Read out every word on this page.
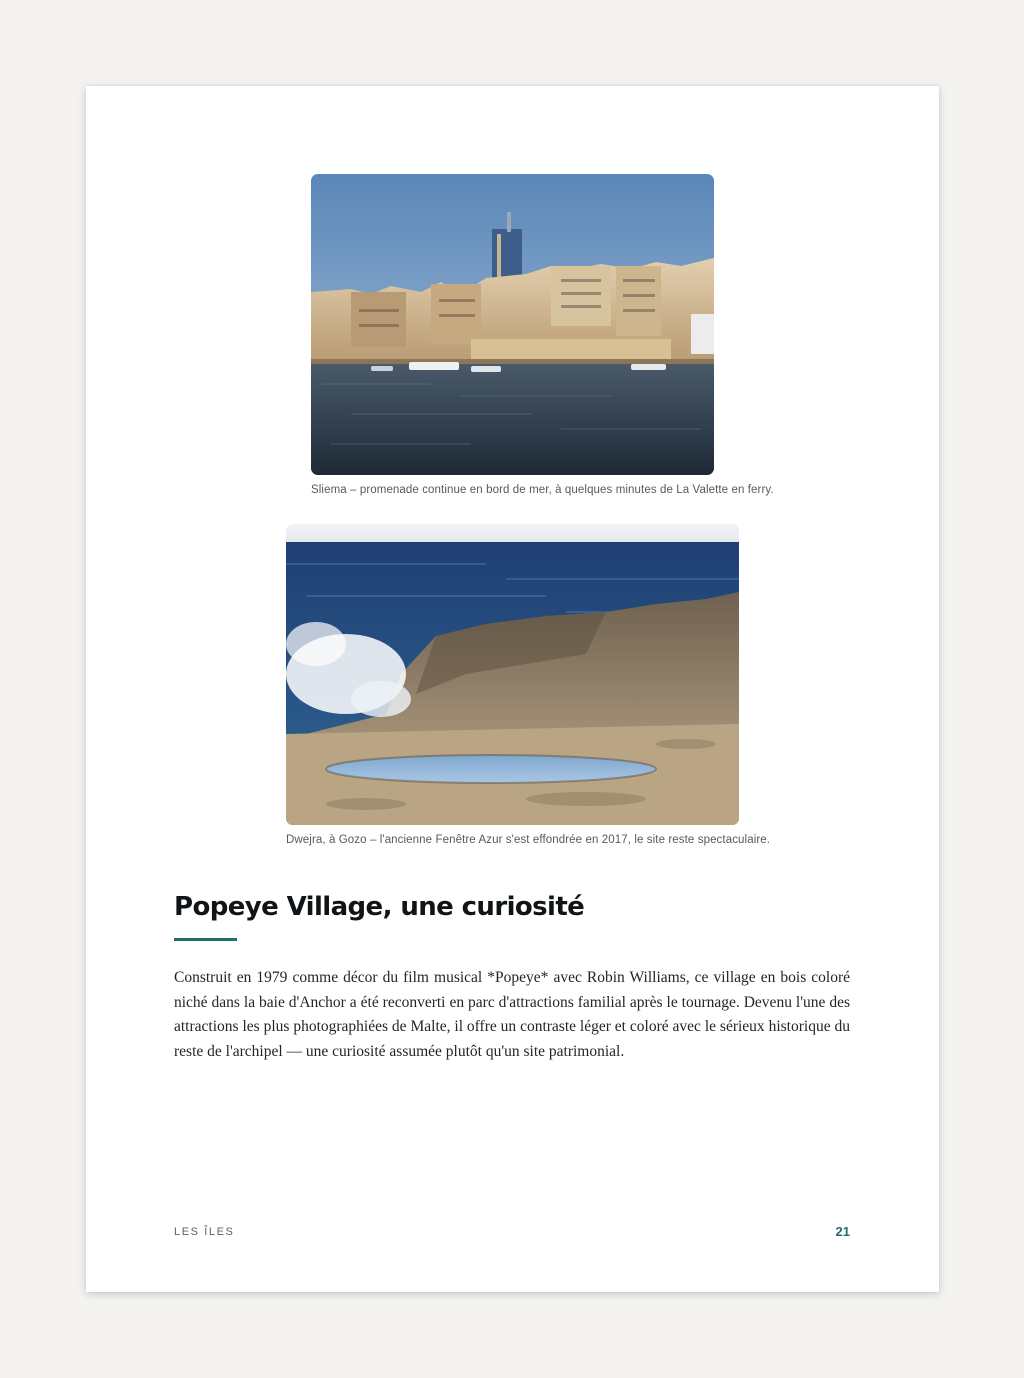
Sliema – promenade continue en bord de mer, à quelques minutes de La Valette en ferry.
Dwejra, à Gozo – l'ancienne Fenêtre Azur s'est effondrée en 2017, le site reste spectaculaire.
Popeye Village, une curiosité

Construit en 1979 comme décor du film musical *Popeye* avec Robin Williams, ce village en bois coloré niché dans la baie d'Anchor a été reconverti en parc d'attractions familial après le tournage. Devenu l'une des attractions les plus photographiées de Malte, il offre un contraste léger et coloré avec le sérieux historique du reste de l'archipel — une curiosité assumée plutôt qu'un site patrimonial.

LES ÎLES	21
